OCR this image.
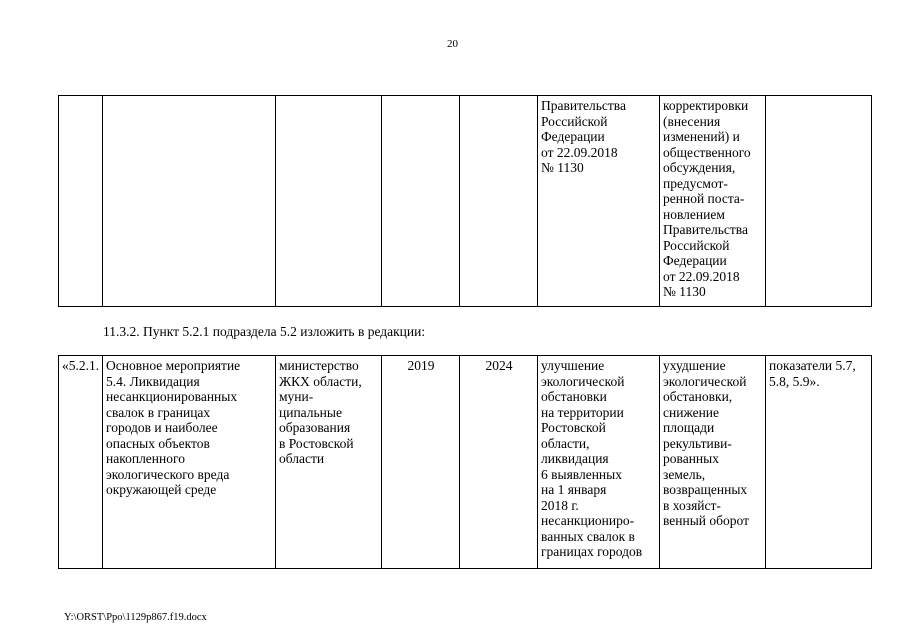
20
					Правительства
Российской
Федерации
от 22.09.2018
№ 1130	корректировки
(внесения
изменений) и
общественного
обсуждения,
предусмот-
ренной поста-
новлением
Правительства
Российской
Федерации
от 22.09.2018
№ 1130	
11.3.2. Пункт 5.2.1 подраздела 5.2 изложить в редакции:
«5.2.1.	Основное мероприятие
5.4. Ликвидация
несанкционированных
свалок в границах
городов и наиболее
опасных объектов
накопленного
экологического вреда
окружающей среде	министерство
ЖКХ области,
муни-
ципальные
образования
в Ростовской
области	2019	2024	улучшение
экологической
обстановки
на территории
Ростовской
области,
ликвидация
6 выявленных
на 1 января
2018 г.
несанкциониро-
ванных свалок в
границах городов	ухудшение
экологической
обстановки,
снижение
площади
рекультиви-
рованных
земель,
возвращенных
в хозяйст-
венный оборот	показатели 5.7,
5.8, 5.9».
Y:\ORST\Ppo\1129p867.f19.docx
